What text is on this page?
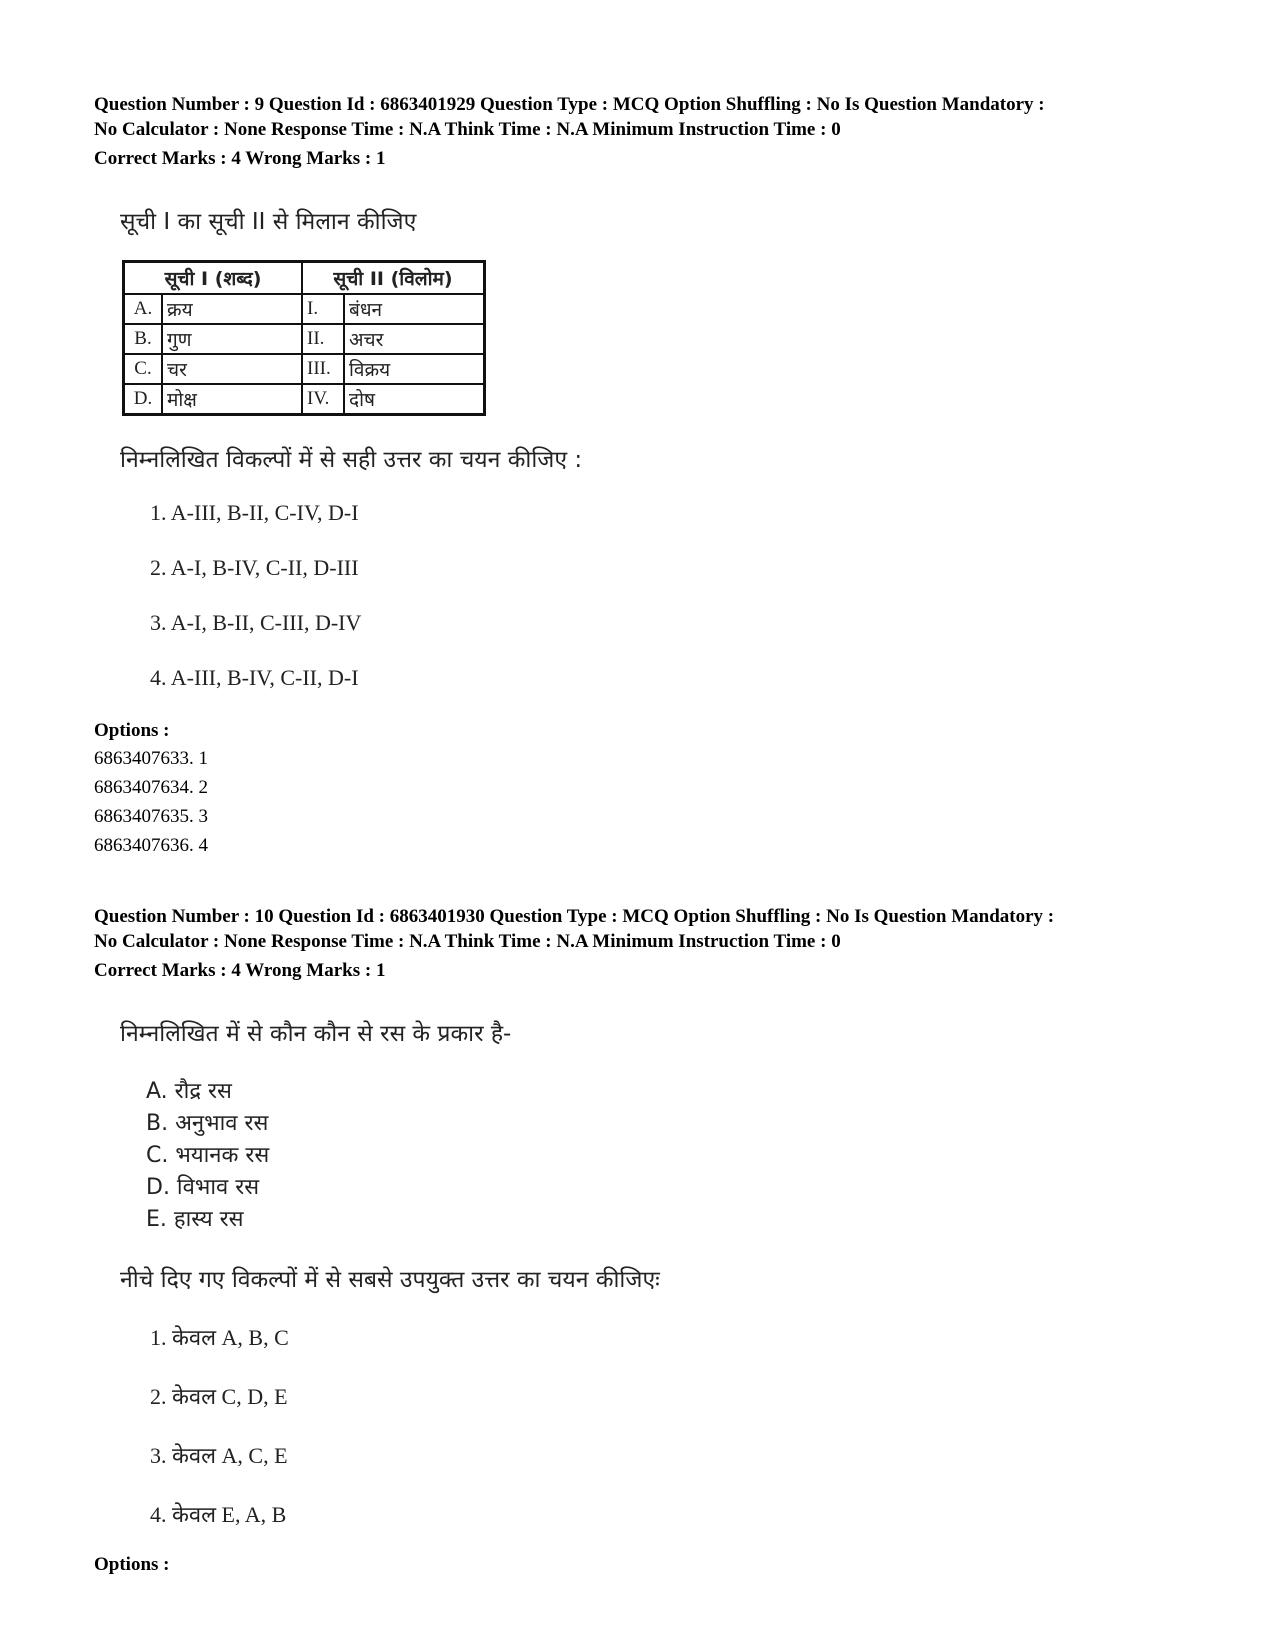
Question Number : 9 Question Id : 6863401929 Question Type : MCQ Option Shuffling : No Is Question Mandatory :
No Calculator : None Response Time : N.A Think Time : N.A Minimum Instruction Time : 0
Correct Marks : 4 Wrong Marks : 1
सूची I का सूची II से मिलान कीजिए
सूची I (शब्द)		सूची II (विलोम)	
A.	क्रय	I.	बंधन
B.	गुण	II.	अचर
C.	चर	III.	विक्रय
D.	मोक्ष	IV.	दोष
निम्नलिखित विकल्पों में से सही उत्तर का चयन कीजिए :
1. A-III, B-II, C-IV, D-I
2. A-I, B-IV, C-II, D-III
3. A-I, B-II, C-III, D-IV
4. A-III, B-IV, C-II, D-I
Options :
6863407633. 1
6863407634. 2
6863407635. 3
6863407636. 4
Question Number : 10 Question Id : 6863401930 Question Type : MCQ Option Shuffling : No Is Question Mandatory :
No Calculator : None Response Time : N.A Think Time : N.A Minimum Instruction Time : 0
Correct Marks : 4 Wrong Marks : 1
निम्नलिखित में से कौन कौन से रस के प्रकार है-
A. रौद्र रस
B. अनुभाव रस
C. भयानक रस
D. विभाव रस
E. हास्य रस
नीचे दिए गए विकल्पों में से सबसे उपयुक्त उत्तर का चयन कीजिएः
1. केवल A, B, C
2. केवल C, D, E
3. केवल A, C, E
4. केवल E, A, B
Options :
